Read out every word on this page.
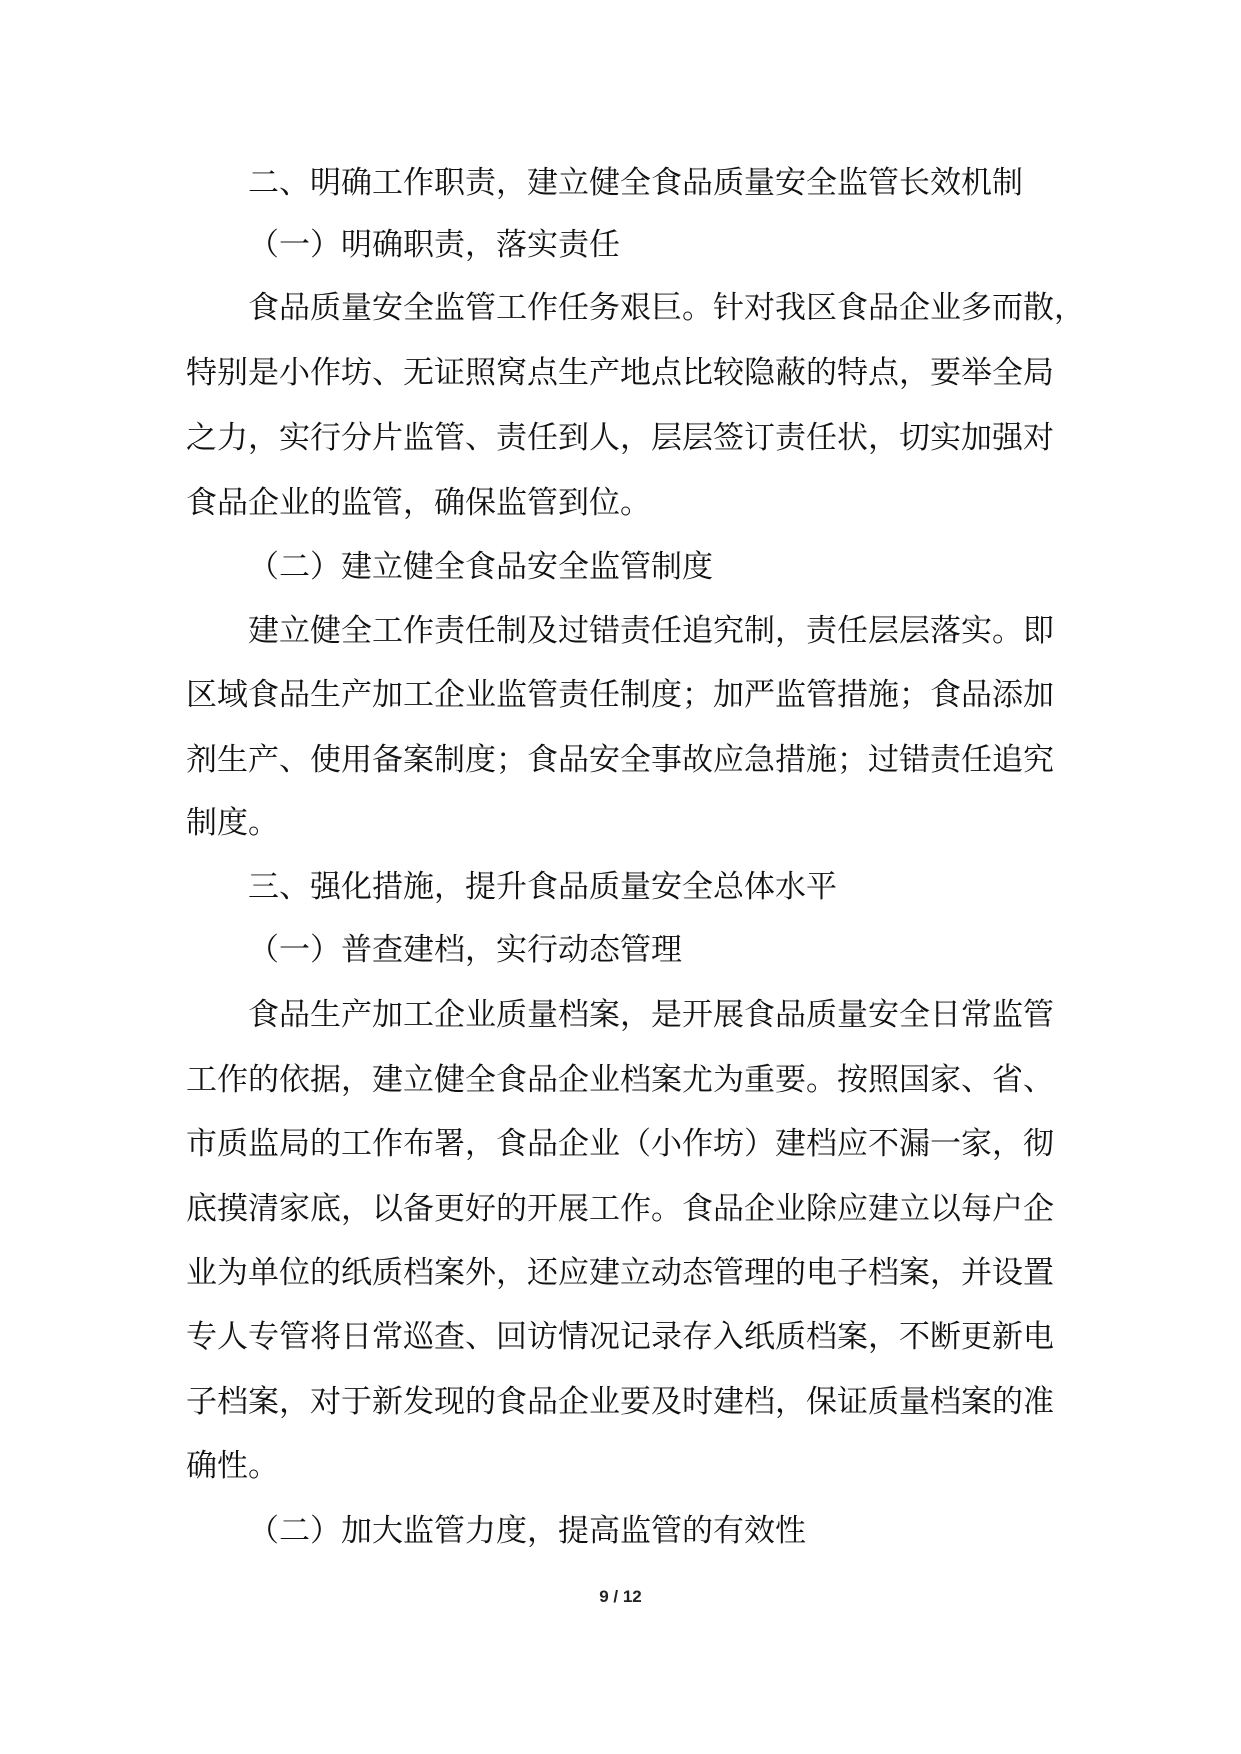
二、明确工作职责，建立健全食品质量安全监管长效机制
（一）明确职责，落实责任
食品质量安全监管工作任务艰巨。针对我区食品企业多而散，
特别是小作坊、无证照窝点生产地点比较隐蔽的特点，要举全局
之力，实行分片监管、责任到人，层层签订责任状，切实加强对
食品企业的监管，确保监管到位。
（二）建立健全食品安全监管制度
建立健全工作责任制及过错责任追究制，责任层层落实。即
区域食品生产加工企业监管责任制度；加严监管措施；食品添加
剂生产、使用备案制度；食品安全事故应急措施；过错责任追究
制度。
三、强化措施，提升食品质量安全总体水平
（一）普查建档，实行动态管理
食品生产加工企业质量档案，是开展食品质量安全日常监管
工作的依据，建立健全食品企业档案尤为重要。按照国家、省、
市质监局的工作布署，食品企业（小作坊）建档应不漏一家，彻
底摸清家底，以备更好的开展工作。食品企业除应建立以每户企
业为单位的纸质档案外，还应建立动态管理的电子档案，并设置
专人专管将日常巡查、回访情况记录存入纸质档案，不断更新电
子档案，对于新发现的食品企业要及时建档，保证质量档案的准
确性。
（二）加大监管力度，提高监管的有效性
9 / 12
